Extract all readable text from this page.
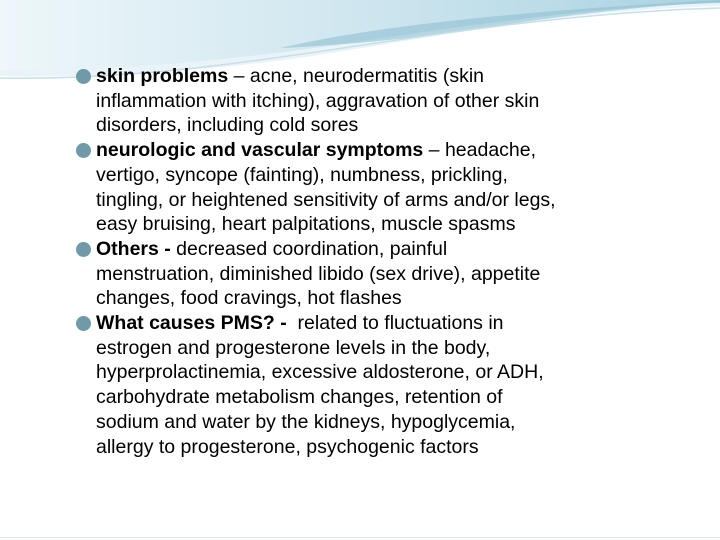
skin problems – acne, neurodermatitis (skin
inflammation with itching), aggravation of other skin
disorders, including cold sores
neurologic and vascular symptoms – headache,
vertigo, syncope (fainting), numbness, prickling,
tingling, or heightened sensitivity of arms and/or legs,
easy bruising, heart palpitations, muscle spasms
Others - decreased coordination, painful
menstruation, diminished libido (sex drive), appetite
changes, food cravings, hot flashes
What causes PMS? -  related to fluctuations in
estrogen and progesterone levels in the body,
hyperprolactinemia, excessive aldosterone, or ADH,
carbohydrate metabolism changes, retention of
sodium and water by the kidneys, hypoglycemia,
allergy to progesterone, psychogenic factors
